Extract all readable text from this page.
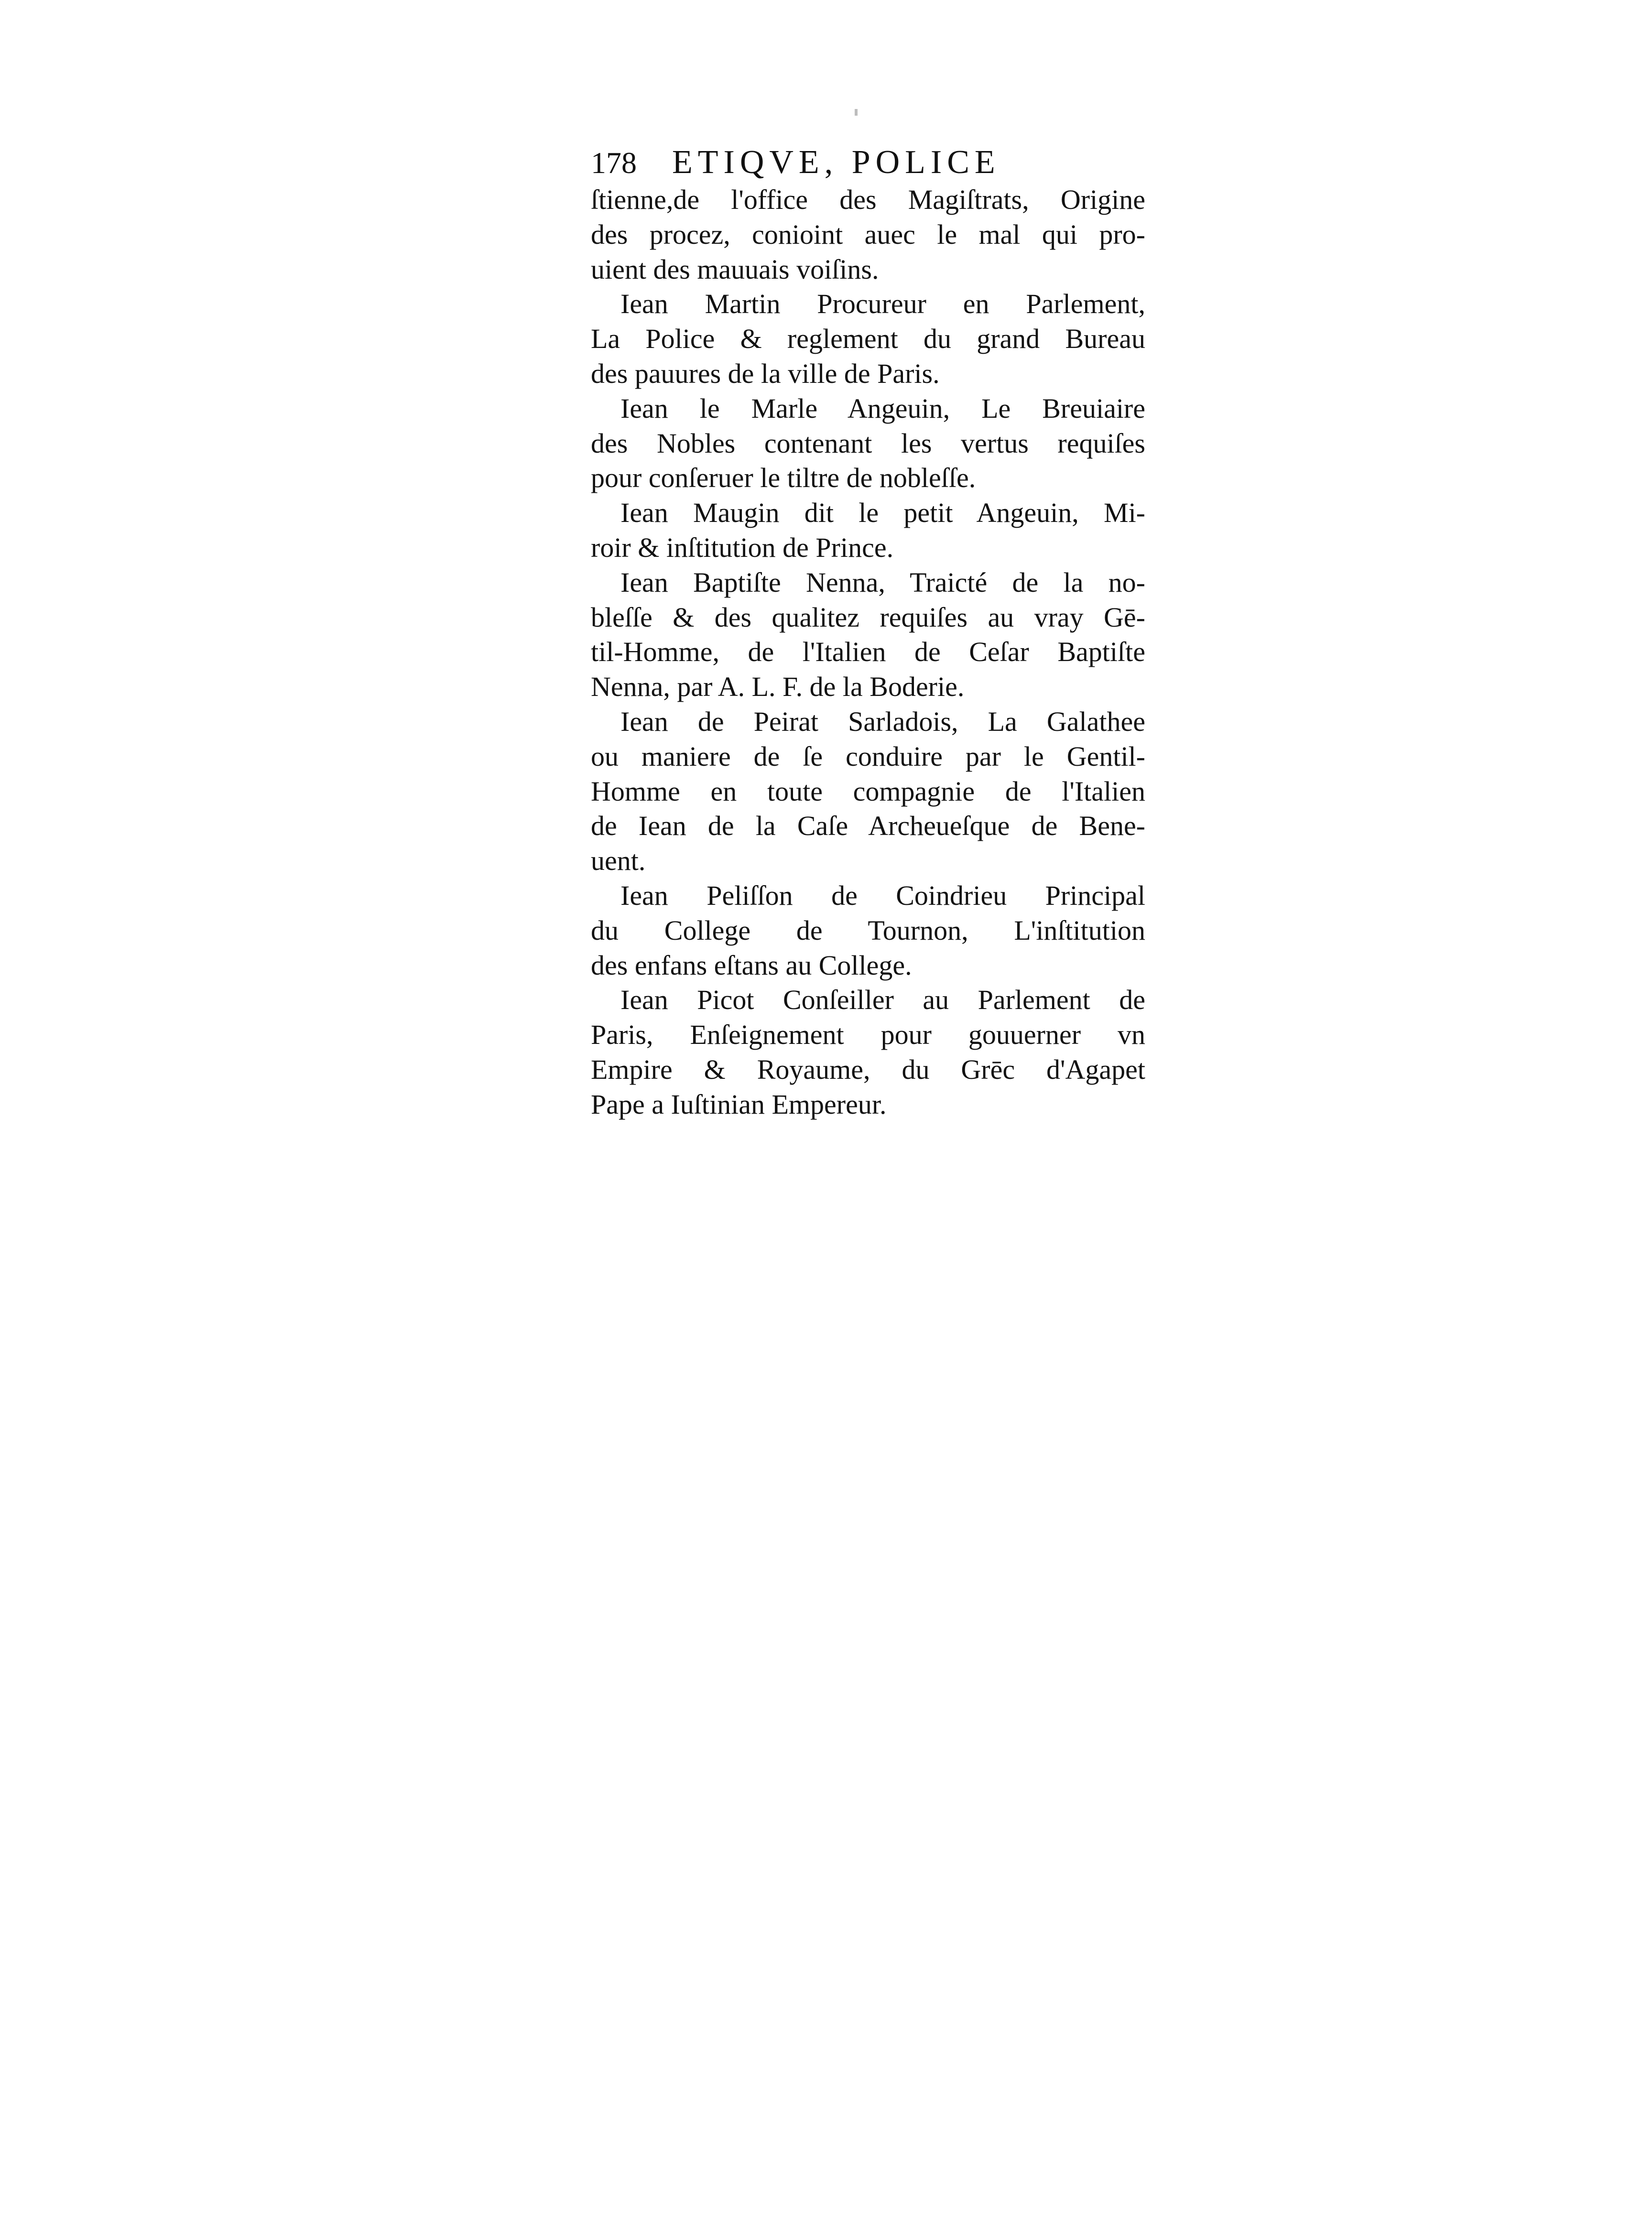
178 ETIQVE, POLICE
ſtienne,de l'office des Magiſtrats, Origine
des procez, conioint auec le mal qui pro-
uient des mauuais voiſins.
Iean Martin Procureur en Parlement,
La Police & reglement du grand Bureau
des pauures de la ville de Paris.
Iean le Marle Angeuin, Le Breuiaire
des Nobles contenant les vertus requiſes
pour conſeruer le tiltre de nobleſſe.
Iean Maugin dit le petit Angeuin, Mi-
roir & inſtitution de Prince.
Iean Baptiſte Nenna, Traicté de la no-
bleſſe & des qualitez requiſes au vray Gē-
til-Homme, de l'Italien de Ceſar Baptiſte
Nenna, par A. L. F. de la Boderie.
Iean de Peirat Sarladois, La Galathee
ou maniere de ſe conduire par le Gentil-
Homme en toute compagnie de l'Italien
de Iean de la Caſe Archeueſque de Bene-
uent.
Iean Peliſſon de Coindrieu Principal
du College de Tournon, L'inſtitution
des enfans eſtans au College.
Iean Picot Conſeiller au Parlement de
Paris, Enſeignement pour gouuerner vn
Empire & Royaume, du Grēc d'Agapet
Pape a Iuſtinian Empereur.
